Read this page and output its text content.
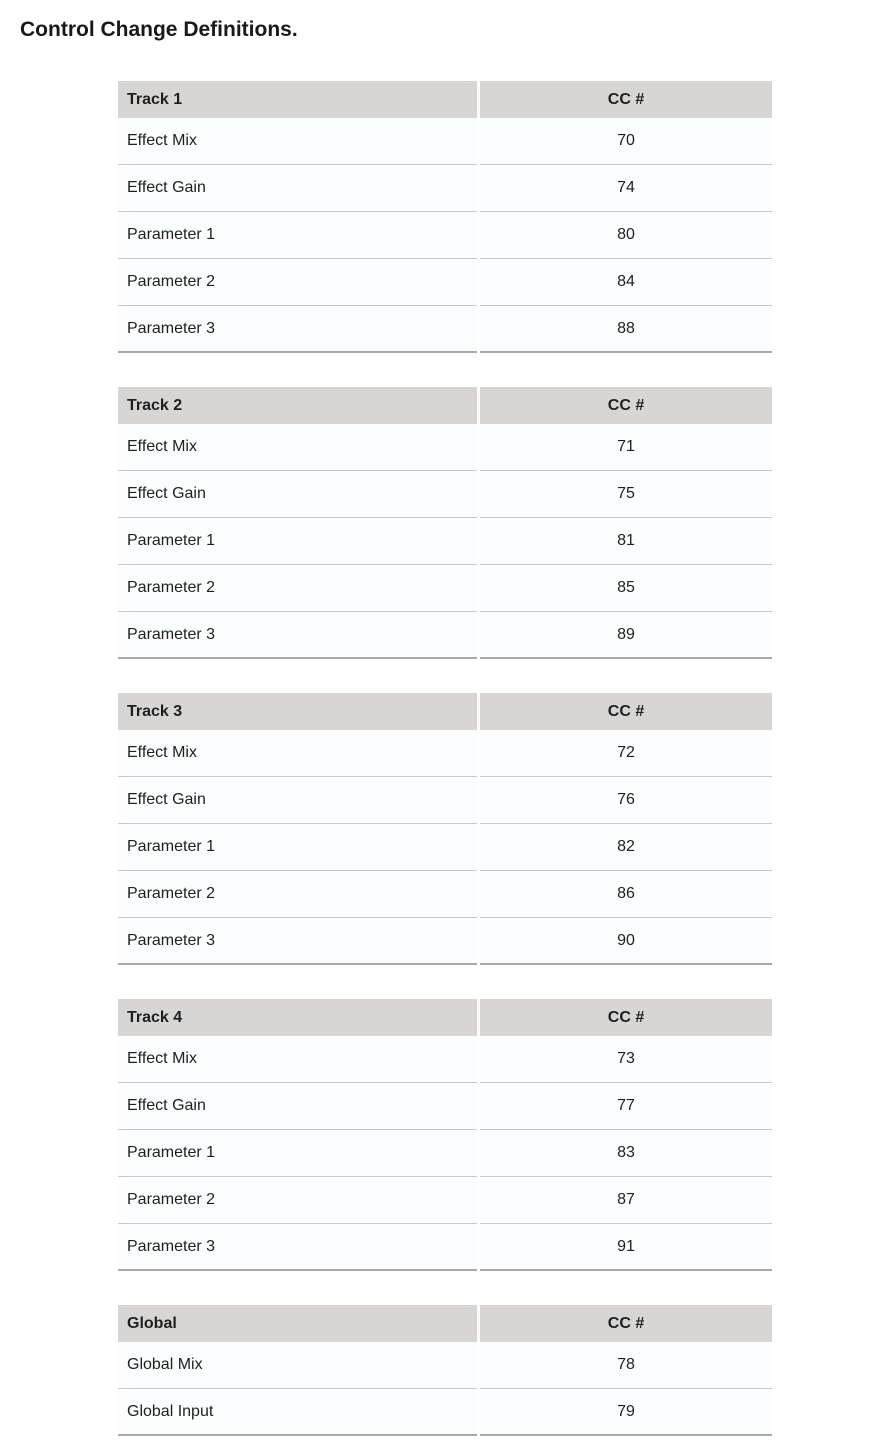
Control Change Definitions.
Track 1	CC #
Effect Mix	70
Effect Gain	74
Parameter 1	80
Parameter 2	84
Parameter 3	88
Track 2	CC #
Effect Mix	71
Effect Gain	75
Parameter 1	81
Parameter 2	85
Parameter 3	89
Track 3	CC #
Effect Mix	72
Effect Gain	76
Parameter 1	82
Parameter 2	86
Parameter 3	90
Track 4	CC #
Effect Mix	73
Effect Gain	77
Parameter 1	83
Parameter 2	87
Parameter 3	91
Global	CC #
Global Mix	78
Global Input	79
